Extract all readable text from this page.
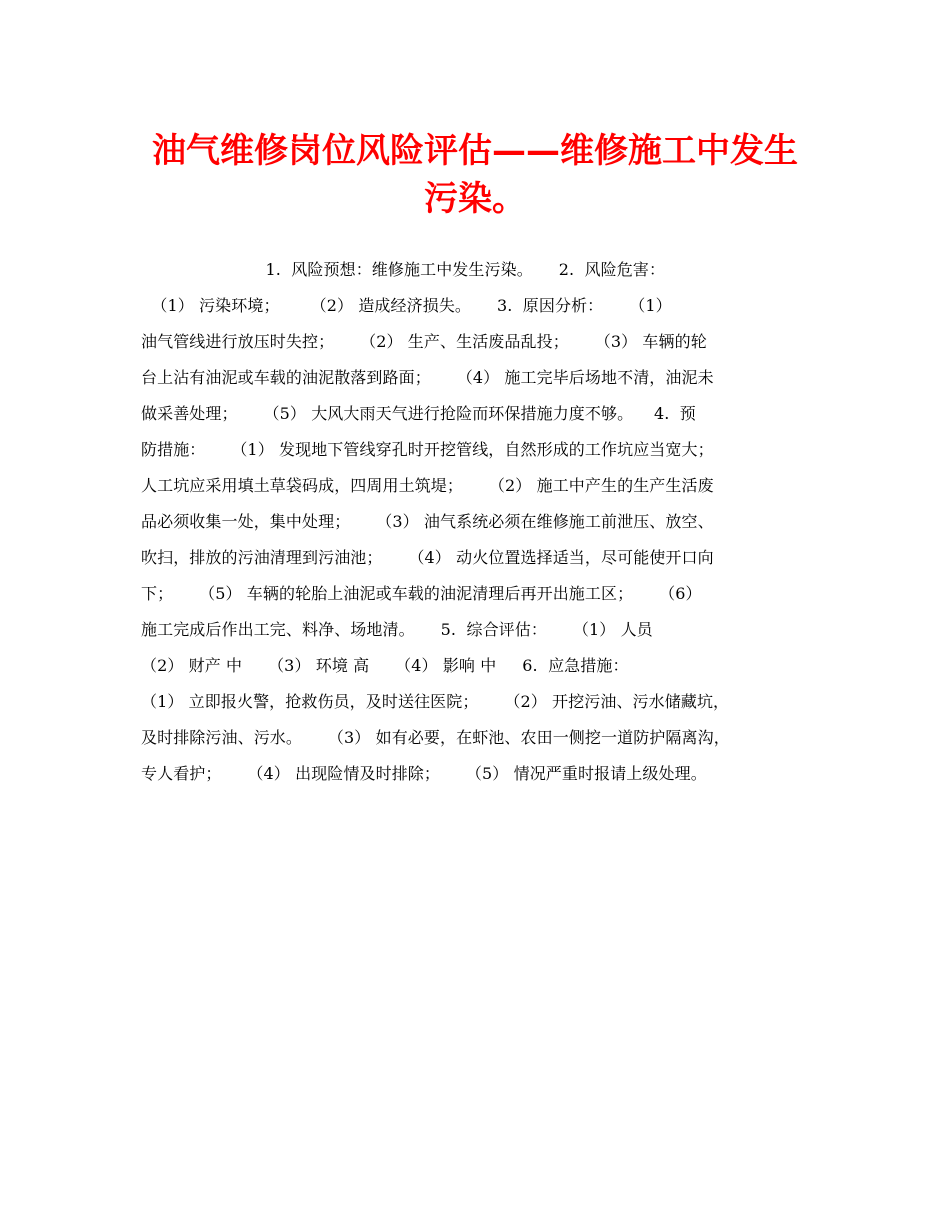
油气维修岗位风险评估——维修施工中发生
污染。
1.  风险预想：维修施工中发生污染。     2.  风险危害：
（1） 污染环境；      （2） 造成经济损失。     3.  原因分析：     （1）
油气管线进行放压时失控；     （2） 生产、生活废品乱投；     （3） 车辆的轮
台上沾有油泥或车载的油泥散落到路面；     （4） 施工完毕后场地不清，油泥未
做采善处理；     （5） 大风大雨天气进行抢险而环保措施力度不够。    4.  预
防措施：     （1） 发现地下管线穿孔时开挖管线，自然形成的工作坑应当宽大；
人工坑应采用填土草袋码成，四周用土筑堤；     （2） 施工中产生的生产生活废
品必须收集一处，集中处理；     （3） 油气系统必须在维修施工前泄压、放空、
吹扫，排放的污油清理到污油池；     （4） 动火位置选择适当，尽可能使开口向
下；     （5） 车辆的轮胎上油泥或车载的油泥清理后再开出施工区；     （6）
施工完成后作出工完、料净、场地清。     5.  综合评估：     （1） 人员
（2） 财产 中     （3） 环境 高     （4） 影响 中     6.  应急措施：
（1） 立即报火警，抢救伤员，及时送往医院；     （2） 开挖污油、污水储藏坑，
及时排除污油、污水。     （3） 如有必要，在虾池、农田一侧挖一道防护隔离沟，
专人看护；     （4） 出现险情及时排除；     （5） 情况严重时报请上级处理。
